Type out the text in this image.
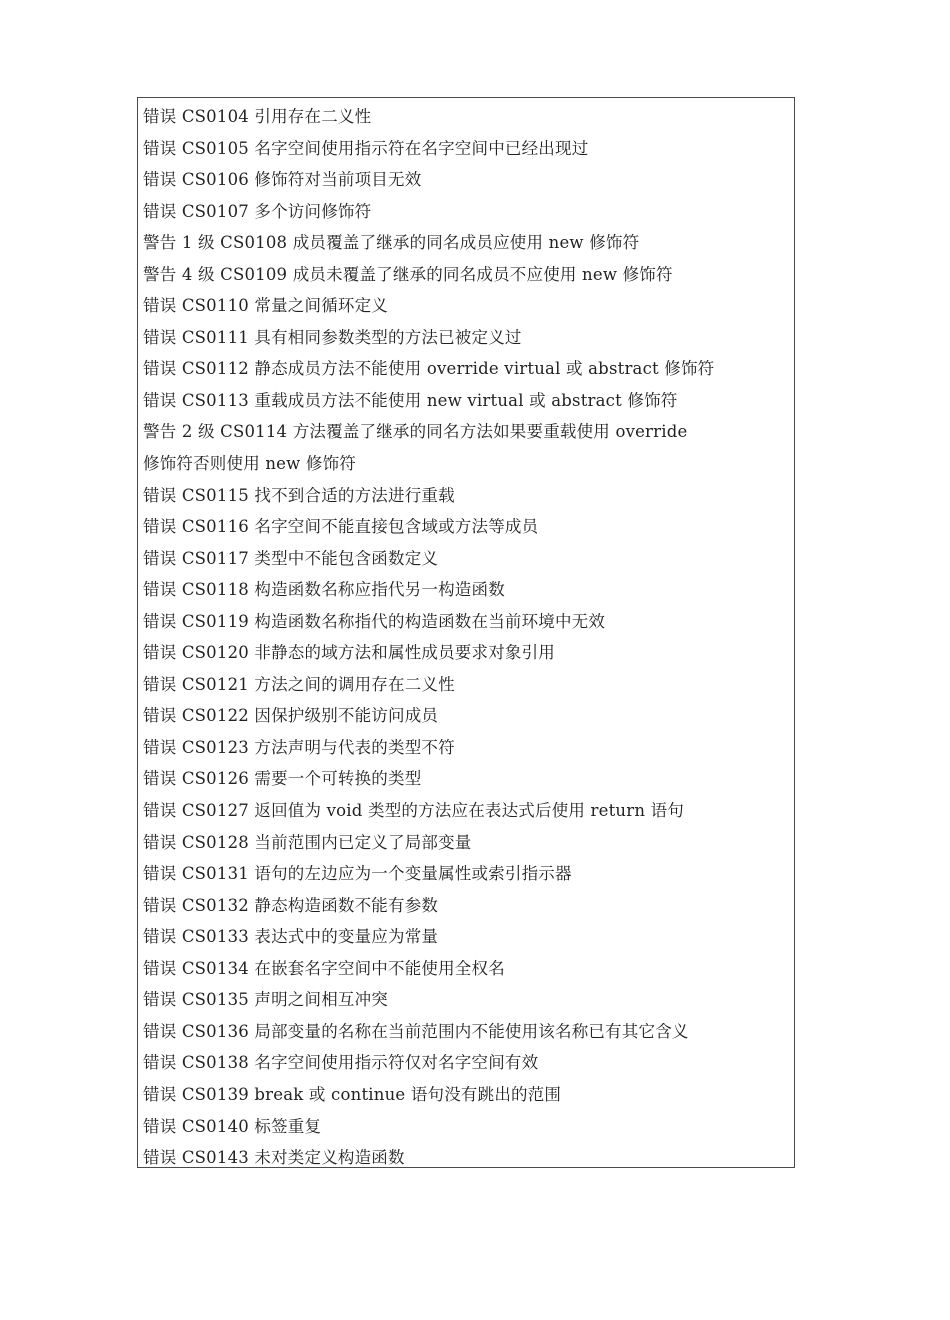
错误 CS0104 引用存在二义性
错误 CS0105 名字空间使用指示符在名字空间中已经出现过
错误 CS0106 修饰符对当前项目无效
错误 CS0107 多个访问修饰符
警告 1 级 CS0108 成员覆盖了继承的同名成员应使用 new 修饰符
警告 4 级 CS0109 成员未覆盖了继承的同名成员不应使用 new 修饰符
错误 CS0110 常量之间循环定义
错误 CS0111 具有相同参数类型的方法已被定义过
错误 CS0112 静态成员方法不能使用 override virtual 或 abstract 修饰符
错误 CS0113 重载成员方法不能使用 new virtual 或 abstract 修饰符
警告 2 级 CS0114 方法覆盖了继承的同名方法如果要重载使用 override
修饰符否则使用 new 修饰符
错误 CS0115 找不到合适的方法进行重载
错误 CS0116 名字空间不能直接包含域或方法等成员
错误 CS0117 类型中不能包含函数定义
错误 CS0118 构造函数名称应指代另一构造函数
错误 CS0119 构造函数名称指代的构造函数在当前环境中无效
错误 CS0120 非静态的域方法和属性成员要求对象引用
错误 CS0121 方法之间的调用存在二义性
错误 CS0122 因保护级别不能访问成员
错误 CS0123 方法声明与代表的类型不符
错误 CS0126 需要一个可转换的类型
错误 CS0127 返回值为 void 类型的方法应在表达式后使用 return 语句
错误 CS0128 当前范围内已定义了局部变量
错误 CS0131 语句的左边应为一个变量属性或索引指示器
错误 CS0132 静态构造函数不能有参数
错误 CS0133 表达式中的变量应为常量
错误 CS0134 在嵌套名字空间中不能使用全权名
错误 CS0135 声明之间相互冲突
错误 CS0136 局部变量的名称在当前范围内不能使用该名称已有其它含义
错误 CS0138 名字空间使用指示符仅对名字空间有效
错误 CS0139 break 或 continue 语句没有跳出的范围
错误 CS0140 标签重复
错误 CS0143 未对类定义构造函数
